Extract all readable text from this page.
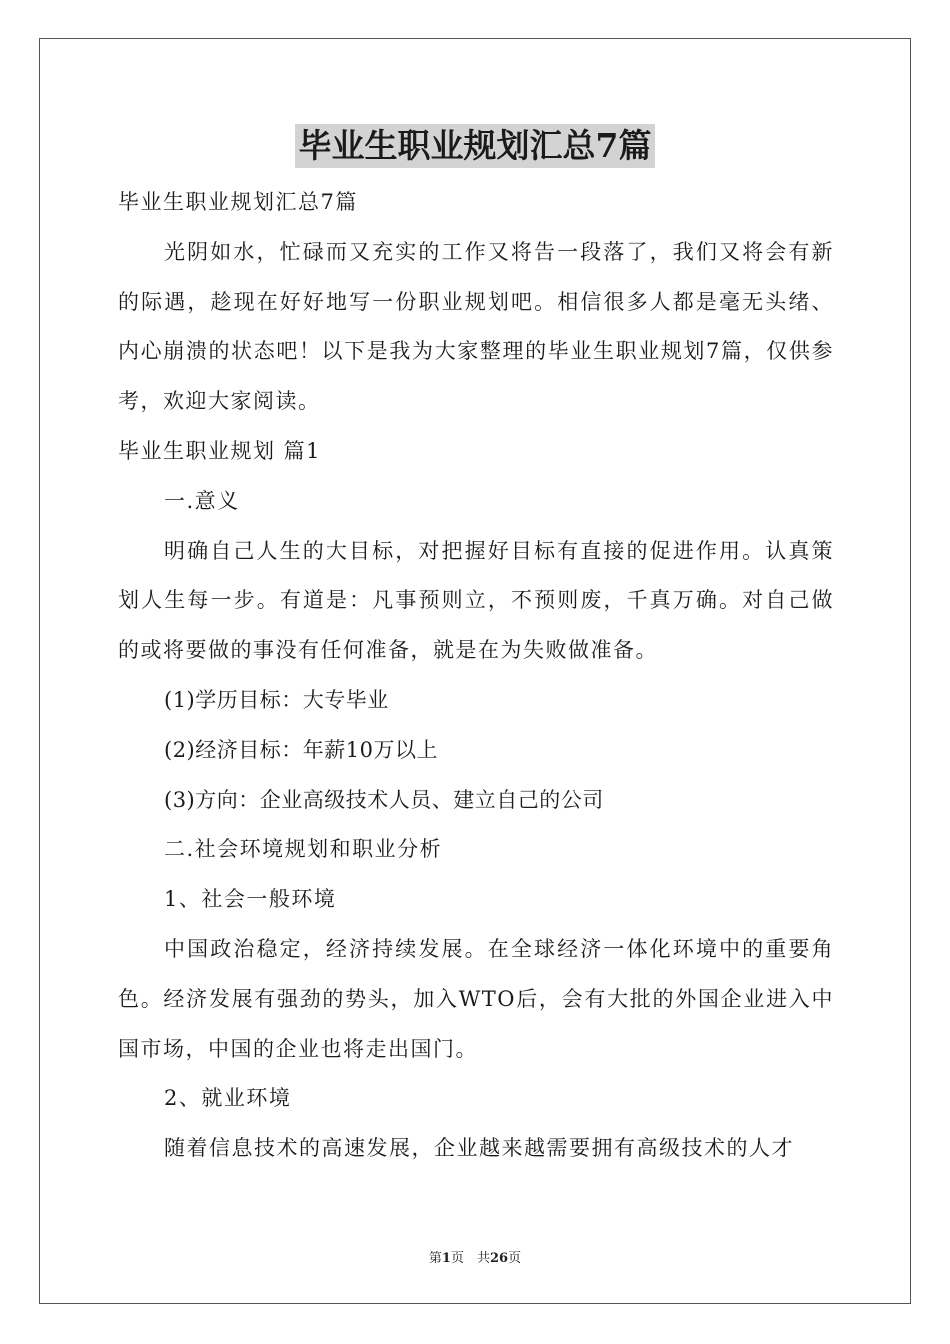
毕业生职业规划汇总7篇

毕业生职业规划汇总7篇

光阴如水，忙碌而又充实的工作又将告一段落了，我们又将会有新的际遇，趁现在好好地写一份职业规划吧。相信很多人都是毫无头绪、内心崩溃的状态吧！以下是我为大家整理的毕业生职业规划7篇，仅供参考，欢迎大家阅读。

毕业生职业规划 篇1

一.意义

明确自己人生的大目标，对把握好目标有直接的促进作用。认真策划人生每一步。有道是：凡事预则立，不预则废，千真万确。对自己做的或将要做的事没有任何准备，就是在为失败做准备。

(1)学历目标：大专毕业

(2)经济目标：年薪10万以上

(3)方向：企业高级技术人员、建立自己的公司

二.社会环境规划和职业分析

1、社会一般环境

中国政治稳定，经济持续发展。在全球经济一体化环境中的重要角色。经济发展有强劲的势头，加入WTO后，会有大批的外国企业进入中国市场，中国的企业也将走出国门。

2、就业环境

随着信息技术的高速发展，企业越来越需要拥有高级技术的人才

第1页　共26页
